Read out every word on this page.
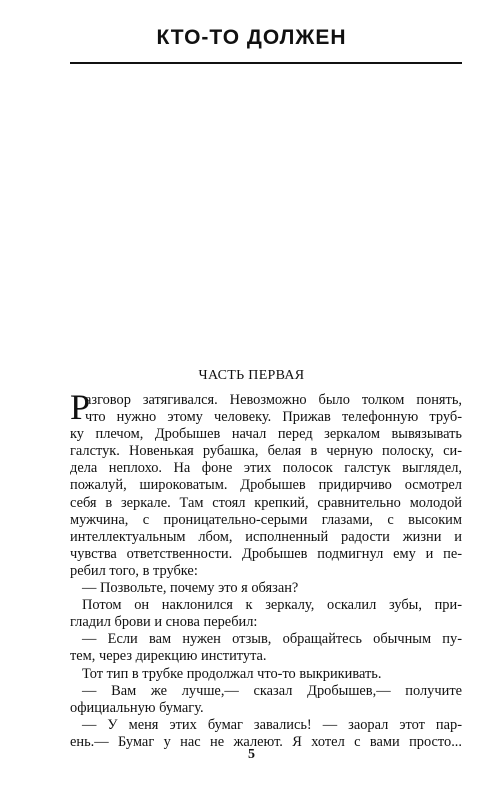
КТО-ТО ДОЛЖЕН
ЧАСТЬ ПЕРВАЯ
Р
азговор затягивался. Невозможно было толком понять,
что нужно этому человеку. Прижав телефонную труб-
ку плечом, Дробышев начал перед зеркалом вывязывать
галстук. Новенькая рубашка, белая в черную полоску, си-
дела неплохо. На фоне этих полосок галстук выглядел,
пожалуй, широковатым. Дробышев придирчиво осмотрел
себя в зеркале. Там стоял крепкий, сравнительно молодой
мужчина, с проницательно-серыми глазами, с высоким
интеллектуальным лбом, исполненный радости жизни и
чувства ответственности. Дробышев подмигнул ему и пе-
ребил того, в трубке:
— Позвольте, почему это я обязан?
Потом он наклонился к зеркалу, оскалил зубы, при-
гладил брови и снова перебил:
— Если вам нужен отзыв, обращайтесь обычным пу-
тем, через дирекцию института.
Тот тип в трубке продолжал что-то выкрикивать.
— Вам же лучше,— сказал Дробышев,— получите
официальную бумагу.
— У меня этих бумаг завались! — заорал этот пар-
ень.— Бумаг у нас не жалеют. Я хотел с вами просто...
5
